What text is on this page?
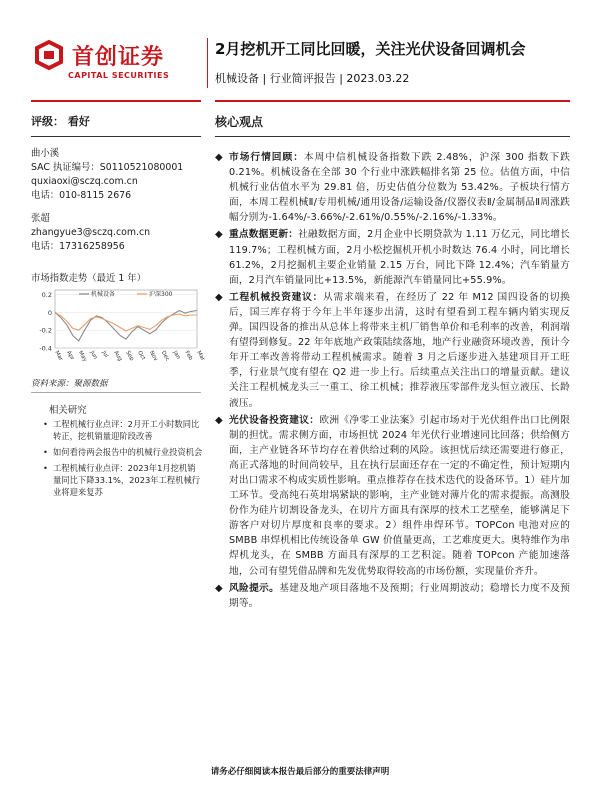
首创证券
CAPITAL SECURITIES
2月挖机开工同比回暖，关注光伏设备回调机会
机械设备 | 行业简评报告 | 2023.03.22
评级： 看好	核心观点
曲小溪
SAC 执证编号：S0110521080001
quxiaoxi@sczq.com.cn
电话：010-8115 2676
张超
zhangyue3@sczq.com.cn
电话：17316258956
市场指数走势（最近 1 年）
0.2
0
-0.2
-0.4
Mar Apr May Jun Jul Aug Sep Oct Nov Dec Jan Feb Mar
机械设备	沪深300
资料来源：聚源数据
相关研究
• 工程机械行业点评：2月开工小时数同比转正，挖机销量迎阶段改善
• 如何看待两会报告中的机械行业投资机会
• 工程机械行业点评：2023年1月挖机销量同比下降33.1%，2023年工程机械行业将迎来复苏
◆ 市场行情回顾：本周中信机械设备指数下跌 2.48%，沪深 300 指数下跌 0.21%。机械设备在全部 30 个行业中涨跌幅排名第 25 位。估值方面，中信机械行业估值水平为 29.81 倍，历史估值分位数为 53.42%。子板块行情方面，本周工程机械Ⅱ/专用机械/通用设备/运输设备/仪器仪表Ⅱ/金属制品Ⅱ周涨跌幅分别为-1.64%/-3.66%/-2.61%/0.55%/-2.16%/-1.33%。
◆ 重点数据更新：社融数据方面，2月企业中长期贷款为 1.11 万亿元，同比增长 119.7%；工程机械方面，2月小松挖掘机开机小时数达 76.4 小时，同比增长 61.2%，2月挖掘机主要企业销量 2.15 万台，同比下降 12.4%；汽车销量方面，2月汽车销量同比+13.5%，新能源汽车销量同比+55.9%。
◆ 工程机械投资建议：从需求端来看，在经历了 22 年 M12 国四设备的切换后，国三库存将于今年上半年逐步出清，这时有望看到工程车辆内销实现反弹。国四设备的推出从总体上将带来主机厂销售单价和毛利率的改善，利润端有望得到修复。22 年年底地产政策陆续落地，地产行业融资环境改善，预计今年开工率改善将带动工程机械需求。随着 3 月之后逐步进入基建项目开工旺季，行业景气度有望在 Q2 进一步上行。后续重点关注出口的增量贡献。建议关注工程机械龙头三一重工、徐工机械；推荐液压零部件龙头恒立液压、长龄液压。
◆ 光伏设备投资建议：欧洲《净零工业法案》引起市场对于光伏组件出口比例限制的担忧。需求侧方面，市场担忧 2024 年光伏行业增速同比回落；供给侧方面，主产业链各环节均存在着供给过剩的风险。该担忧后续还需要进行修正，高正式落地的时间尚较早，且在执行层面还存在一定的不确定性，预计短期内对出口需求不构成实质性影响。重点推荐存在技术迭代的设备环节。1）硅片加工环节。受高纯石英坩埚紧缺的影响，主产业链对薄片化的需求提振。高测股份作为硅片切割设备龙头，在切片方面具有深厚的技术工艺壁垒，能够满足下游客户对切片厚度和良率的要求。2）组件串焊环节。TOPCon 电池对应的 SMBB 串焊机相比传统设备单 GW 价值量更高，工艺难度更大。奥特维作为串焊机龙头，在 SMBB 方面具有深厚的工艺积淀。随着 TOPcon 产能加速落地，公司有望凭借品牌和先发优势取得较高的市场份额，实现量价齐升。
◆ 风险提示。基建及地产项目落地不及预期；行业周期波动；稳增长力度不及预期等。
请务必仔细阅读本报告最后部分的重要法律声明
